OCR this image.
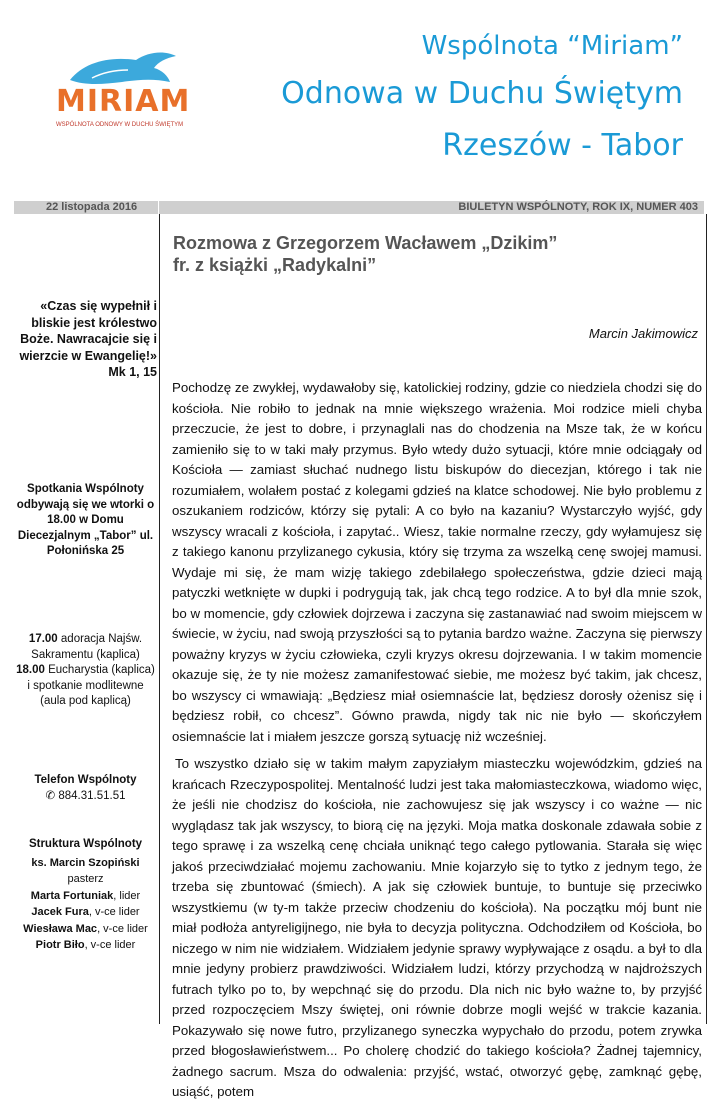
MIRIAM
WSPÓLNOTA ODNOWY W DUCHU ŚWIĘTYM
Wspólnota “Miriam”
Odnowa w Duchu Świętym
Rzeszów - Tabor
22 listopada 2016	BIULETYN WSPÓLNOTY, ROK IX, NUMER 403
«Czas się wypełnił i bliskie jest królestwo Boże. Nawracajcie się i wierzcie w Ewangelię!» Mk 1, 15
Spotkania Wspólnoty odbywają się we wtorki o 18.00 w Domu Diecezjalnym „Tabor” ul. Połonińska 25
17.00 adoracja Najśw. Sakramentu (kaplica)
18.00 Eucharystia (kaplica) i spotkanie modlitewne (aula pod kaplicą)
Telefon Wspólnoty
✆ 884.31.51.51
Struktura Wspólnoty
ks. Marcin Szopiński
pasterz
Marta Fortuniak, lider
Jacek Fura, v-ce lider
Wiesława Mac, v-ce lider
Piotr Biło, v-ce lider
Rozmowa z Grzegorzem Wacławem „Dzikim”
fr. z książki „Radykalni”
Marcin Jakimowicz

Pochodzę ze zwykłej, wydawałoby się, katolickiej rodziny, gdzie co niedziela chodzi się do kościoła. Nie robiło to jednak na mnie większego wrażenia. Moi rodzice mieli chyba przeczucie, że jest to dobre, i przynaglali nas do chodzenia na Msze tak, że w końcu zamieniło się to w taki mały przymus. Było wtedy dużo sytuacji, które mnie odciągały od Kościoła — zamiast słuchać nudnego listu biskupów do diecezjan, którego i tak nie rozumiałem, wolałem postać z kolegami gdzieś na klatce schodowej. Nie było problemu z oszukaniem rodziców, którzy się pytali: A co było na kazaniu? Wystarczyło wyjść, gdy wszyscy wracali z kościoła, i zapytać.. Wiesz, takie normalne rzeczy, gdy wyłamujesz się z takiego kanonu przylizanego cykusia, który się trzyma za wszelką cenę swojej mamusi. Wydaje mi się, że mam wizję takiego zdebilałego społeczeństwa, gdzie dzieci mają patyczki wetknięte w dupki i podrygują tak, jak chcą tego rodzice. A to był dla mnie szok, bo w momencie, gdy człowiek dojrzewa i zaczyna się zastanawiać nad swoim miejscem w świecie, w życiu, nad swoją przyszłości są to pytania bardzo ważne. Zaczyna się pierwszy poważny kryzys w życiu człowieka, czyli kryzys okresu dojrzewania. I w takim momencie okazuje się, że ty nie możesz zamanifestować siebie, me możesz być takim, jak chcesz, bo wszyscy ci wmawiają: „Będziesz miał osiemnaście lat, będziesz dorosły ożenisz się i będziesz robił, co chcesz”. Gówno prawda, nigdy tak nic nie było — skończyłem osiemnaście lat i miałem jeszcze gorszą sytuację niż wcześniej.

To wszystko działo się w takim małym zapyziałym miasteczku wojewódzkim, gdzieś na krańcach Rzeczypospolitej. Mentalność ludzi jest taka małomiasteczkowa, wiadomo więc, że jeśli nie chodzisz do kościoła, nie zachowujesz się jak wszyscy i co ważne — nic wyglądasz tak jak wszyscy, to biorą cię na języki. Moja matka doskonale zdawała sobie z tego sprawę i za wszelką cenę chciała uniknąć tego całego pytlowania. Starała się więc jakoś przeciwdziałać mojemu zachowaniu. Mnie kojarzyło się to tytko z jednym tego, że trzeba się zbuntować (śmiech). A jak się człowiek buntuje, to buntuje się przeciwko wszystkiemu (w ty-m także przeciw chodzeniu do kościoła). Na początku mój bunt nie miał podłoża antyreligijnego, nie była to decyzja polityczna. Odchodziłem od Kościoła, bo niczego w nim nie widziałem. Widziałem jedynie sprawy wypływające z osądu. a był to dla mnie jedyny probierz prawdziwości. Widziałem ludzi, którzy przychodzą w najdroższych futrach tylko po to, by wepchnąć się do przodu. Dla nich nic było ważne to, by przyjść przed rozpoczęciem Mszy świętej, oni równie dobrze mogli wejść w trakcie kazania. Pokazywało się nowe futro, przylizanego syneczka wypychało do przodu, potem zrywka przed błogosławieństwem... Po cholerę chodzić do takiego kościoła? Żadnej tajemnicy, żadnego sacrum. Msza do odwalenia: przyjść, wstać, otworzyć gębę, zamknąć gębę, usiąść, potem
